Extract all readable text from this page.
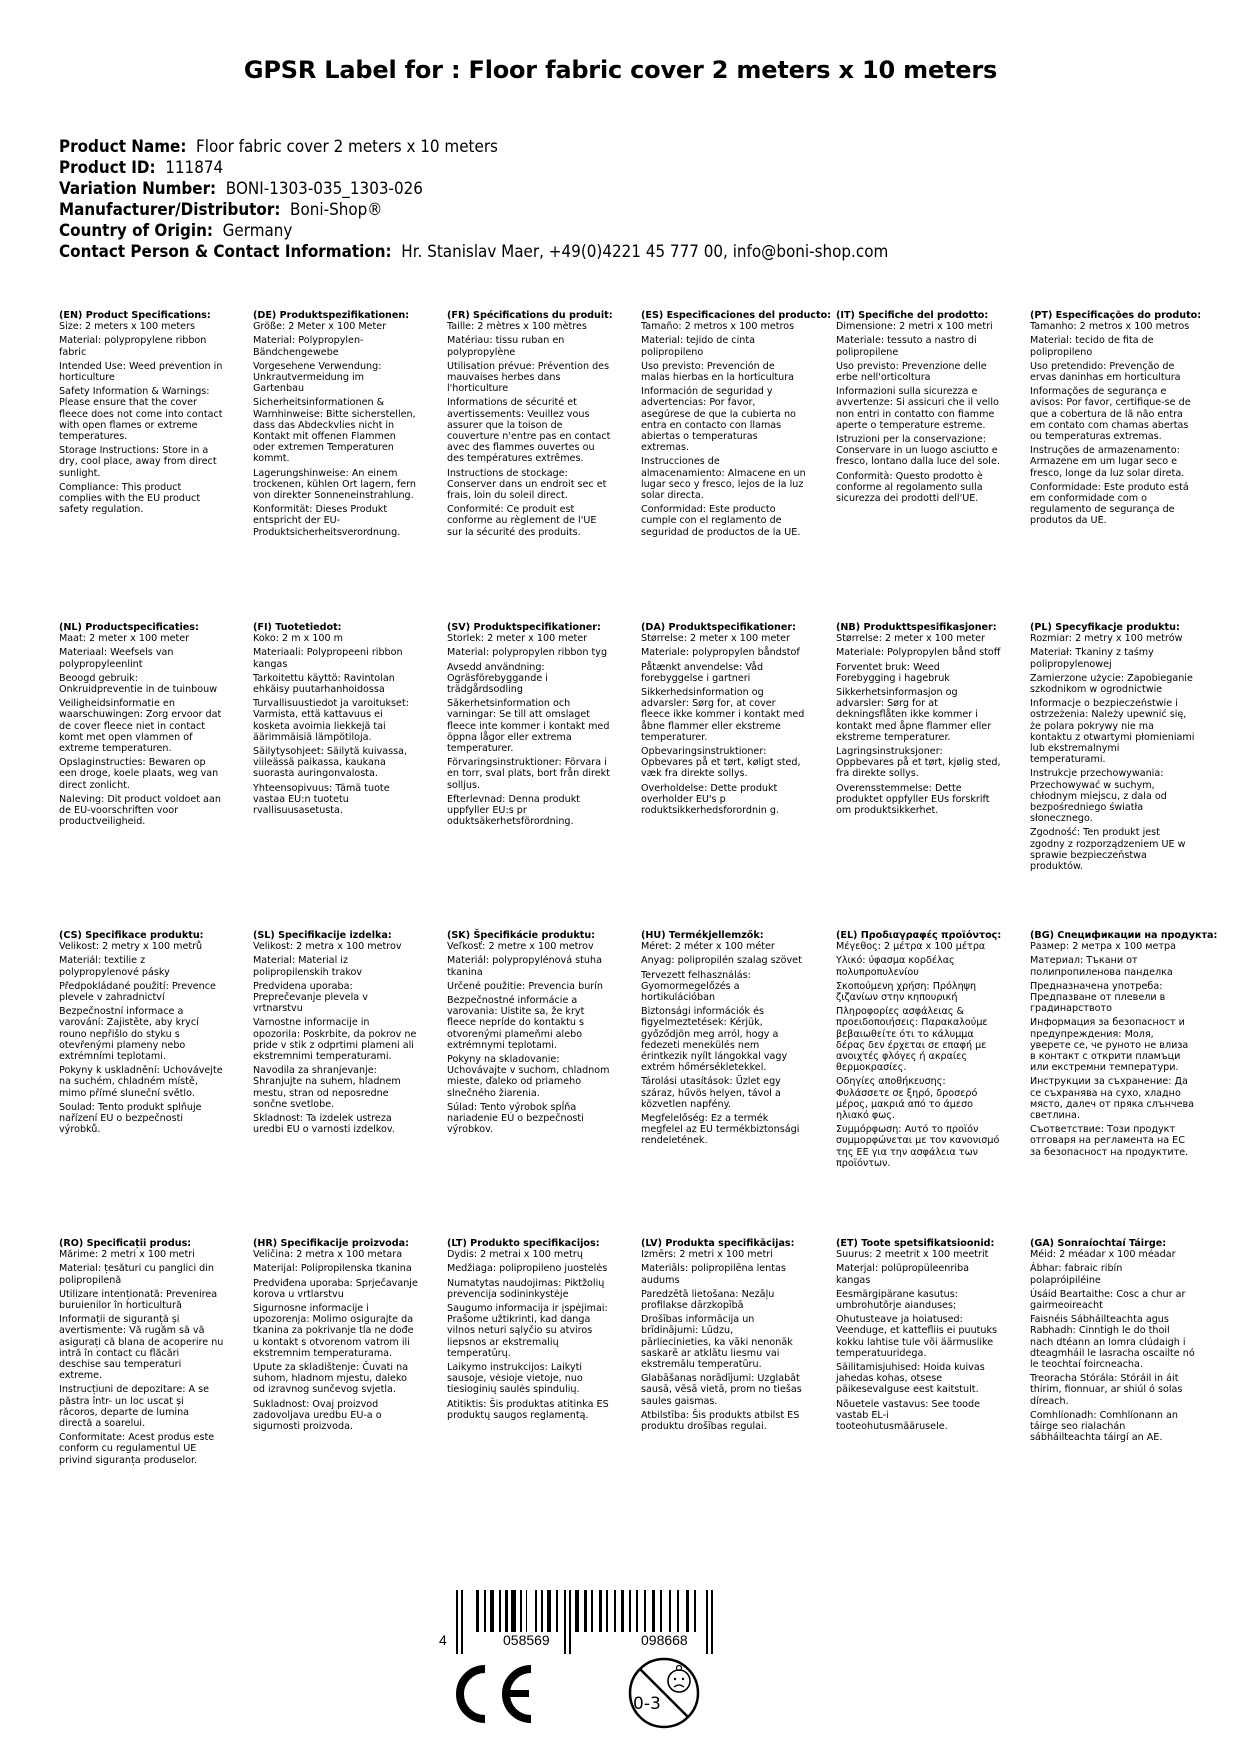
GPSR Label for : Floor fabric cover 2 meters x 10 meters
Product Name: Floor fabric cover 2 meters x 10 meters
Product ID: 111874
Variation Number: BONI-1303-035_1303-026
Manufacturer/Distributor: Boni-Shop®
Country of Origin: Germany
Contact Person & Contact Information: Hr. Stanislav Maer, +49(0)4221 45 777 00, info@boni-shop.com
(EN) Product Specifications:
Size: 2 meters x 100 meters
Material: polypropylene ribbon fabric
Intended Use: Weed prevention in horticulture
Safety Information & Warnings: Please ensure that the cover fleece does not come into contact with open flames or extreme temperatures.
Storage Instructions: Store in a dry, cool place, away from direct sunlight.
Compliance: This product complies with the EU product safety regulation.
(DE) Produktspezifikationen:
Größe: 2 Meter x 100 Meter
Material: Polypropylen-Bändchengewebe
Vorgesehene Verwendung: Unkrautvermeidung im Gartenbau
Sicherheitsinformationen & Warnhinweise: Bitte sicherstellen, dass das Abdeckvlies nicht in Kontakt mit offenen Flammen oder extremen Temperaturen kommt.
Lagerungshinweise: An einem trockenen, kühlen Ort lagern, fern von direkter Sonneneinstrahlung.
Konformität: Dieses Produkt entspricht der EU-Produktsicherheitsverordnung.
(FR) Spécifications du produit:
Taille: 2 mètres x 100 mètres
Matériau: tissu ruban en polypropylène
Utilisation prévue: Prévention des mauvaises herbes dans l'horticulture
Informations de sécurité et avertissements: Veuillez vous assurer que la toison de couverture n'entre pas en contact avec des flammes ouvertes ou des températures extrêmes.
Instructions de stockage: Conserver dans un endroit sec et frais, loin du soleil direct.
Conformité: Ce produit est conforme au règlement de l'UE sur la sécurité des produits.
(ES) Especificaciones del producto:
Tamaño: 2 metros x 100 metros
Material: tejido de cinta polipropileno
Uso previsto: Prevención de malas hierbas en la horticultura
Información de seguridad y advertencias: Por favor, asegúrese de que la cubierta no entra en contacto con llamas abiertas o temperaturas extremas.
Instrucciones de almacenamiento: Almacene en un lugar seco y fresco, lejos de la luz solar directa.
Conformidad: Este producto cumple con el reglamento de seguridad de productos de la UE.
(IT) Specifiche del prodotto:
Dimensione: 2 metri x 100 metri
Materiale: tessuto a nastro di polipropilene
Uso previsto: Prevenzione delle erbe nell'orticoltura
Informazioni sulla sicurezza e avvertenze: Si assicuri che il vello non entri in contatto con fiamme aperte o temperature estreme.
Istruzioni per la conservazione: Conservare in un luogo asciutto e fresco, lontano dalla luce del sole.
Conformità: Questo prodotto è conforme al regolamento sulla sicurezza dei prodotti dell'UE.
(PT) Especificações do produto:
Tamanho: 2 metros x 100 metros
Material: tecido de fita de polipropileno
Uso pretendido: Prevenção de ervas daninhas em horticultura
Informações de segurança e avisos: Por favor, certifique-se de que a cobertura de lã não entra em contato com chamas abertas ou temperaturas extremas.
Instruções de armazenamento: Armazene em um lugar seco e fresco, longe da luz solar direta.
Conformidade: Este produto está em conformidade com o regulamento de segurança de produtos da UE.
(NL) Productspecificaties:
Maat: 2 meter x 100 meter
Materiaal: Weefsels van polypropyleenlint
Beoogd gebruik: Onkruidpreventie in de tuinbouw
Veiligheidsinformatie en waarschuwingen: Zorg ervoor dat de cover fleece niet in contact komt met open vlammen of extreme temperaturen.
Opslaginstructies: Bewaren op een droge, koele plaats, weg van direct zonlicht.
Naleving: Dit product voldoet aan de EU-voorschriften voor productveiligheid.
(FI) Tuotetiedot:
Koko: 2 m x 100 m
Materiaali: Polypropeeni ribbon kangas
Tarkoitettu käyttö: Ravintolan ehkäisy puutarhanhoidossa
Turvallisuustiedot ja varoitukset: Varmista, että kattavuus ei kosketa avoimia liekkejä tai äärimmäisiä lämpötiloja.
Säilytysohjeet: Säilytä kuivassa, viileässä paikassa, kaukana suorasta auringonvalosta.
Yhteensopivuus: Tämä tuote vastaa EU:n tuotetu rvallisuusasetusta.
(SV) Produktspecifikationer:
Storlek: 2 meter x 100 meter
Material: polypropylen ribbon tyg
Avsedd användning: Ogräsförebyggande i trädgårdsodling
Säkerhetsinformation och varningar: Se till att omslaget fleece inte kommer i kontakt med öppna lågor eller extrema temperaturer.
Förvaringsinstruktioner: Förvara i en torr, sval plats, bort från direkt solljus.
Efterlevnad: Denna produkt uppfyller EU:s pr oduktsäkerhetsförordning.
(DA) Produktspecifikationer:
Størrelse: 2 meter x 100 meter
Materiale: polypropylen båndstof
Påtænkt anvendelse: Våd forebyggelse i gartneri
Sikkerhedsinformation og advarsler: Sørg for, at cover fleece ikke kommer i kontakt med åbne flammer eller ekstreme temperaturer.
Opbevaringsinstruktioner: Opbevares på et tørt, køligt sted, væk fra direkte sollys.
Overholdelse: Dette produkt overholder EU's p roduktsikkerhedsforordnin g.
(NB) Produkttspesifikasjoner:
Størrelse: 2 meter x 100 meter
Materiale: Polypropylen bånd stoff
Forventet bruk: Weed Forebygging i hagebruk
Sikkerhetsinformasjon og advarsler: Sørg for at dekningsflåten ikke kommer i kontakt med åpne flammer eller ekstreme temperaturer.
Lagringsinstruksjoner: Oppbevares på et tørt, kjølig sted, fra direkte sollys.
Overensstemmelse: Dette produktet oppfyller EUs forskrift om produktsikkerhet.
(PL) Specyfikacje produktu:
Rozmiar: 2 metry x 100 metrów
Materiał: Tkaniny z taśmy polipropylenowej
Zamierzone użycie: Zapobieganie szkodnikom w ogrodnictwie
Informacje o bezpieczeństwie i ostrzeżenia: Należy upewnić się, że polara pokrywy nie ma kontaktu z otwartymi płomieniami lub ekstremalnymi temperaturami.
Instrukcje przechowywania: Przechowywać w suchym, chłodnym miejscu, z dala od bezpośredniego światła słonecznego.
Zgodność: Ten produkt jest zgodny z rozporządzeniem UE w sprawie bezpieczeństwa produktów.
(CS) Specifikace produktu:
Velikost: 2 metry x 100 metrů
Materiál: textilie z polypropylenové pásky
Předpokládané použití: Prevence plevele v zahradnictví
Bezpečnostní informace a varování: Zajistěte, aby krycí rouno nepřišlo do styku s otevřenými plameny nebo extrémními teplotami.
Pokyny k uskladnění: Uchovávejte na suchém, chladném místě, mimo přímé sluneční světlo.
Soulad: Tento produkt splňuje nařízení EU o bezpečnosti výrobků.
(SL) Specifikacije izdelka:
Velikost: 2 metra x 100 metrov
Material: Material iz polipropilenskih trakov
Predvidena uporaba: Preprečevanje plevela v vrtnarstvu
Varnostne informacije in opozorila: Poskrbite, da pokrov ne pride v stik z odprtimi plameni ali ekstremnimi temperaturami.
Navodila za shranjevanje: Shranjujte na suhem, hladnem mestu, stran od neposredne sončne svetlobe.
Skladnost: Ta izdelek ustreza uredbi EU o varnosti izdelkov.
(SK) Špecifikácie produktu:
Veľkosť: 2 metre x 100 metrov
Materiál: polypropylénová stuha tkanina
Určené použitie: Prevencia burín
Bezpečnostné informácie a varovania: Uistite sa, že kryt fleece nepríde do kontaktu s otvorenými plameňmi alebo extrémnymi teplotami.
Pokyny na skladovanie: Uchovávajte v suchom, chladnom mieste, ďaleko od priameho slnečného žiarenia.
Súlad: Tento výrobok spĺňa nariadenie EÚ o bezpečnosti výrobkov.
(HU) Termékjellemzők:
Méret: 2 méter x 100 méter
Anyag: polipropilén szalag szövet
Tervezett felhasználás: Gyomormegelőzés a hortikulációban
Biztonsági információk és figyelmeztetések: Kérjük, győződjön meg arról, hogy a fedezeti menekülés nem érintkezik nyílt lángokkal vagy extrém hőmérsékletekkel.
Tárolási utasítások: Üzlet egy száraz, hűvös helyen, távol a közvetlen napfény.
Megfelelőség: Ez a termék megfelel az EU termékbiztonsági rendeletének.
(EL) Προδιαγραφές προϊόντος:
Μέγεθος: 2 μέτρα x 100 μέτρα
Υλικό: ύφασμα κορδέλας πολυπροπυλενίου
Σκοπούμενη χρήση: Πρόληψη ζιζανίων στην κηπουρική
Πληροφορίες ασφάλειας & προειδοποιήσεις: Παρακαλούμε βεβαιωθείτε ότι το κάλυμμα δέρας δεν έρχεται σε επαφή με ανοιχτές φλόγες ή ακραίες θερμοκρασίες.
Οδηγίες αποθήκευσης: Φυλάσσετε σε ξηρό, δροσερό μέρος, μακριά από το άμεσο ηλιακό φως.
Συμμόρφωση: Αυτό το προϊόν συμμορφώνεται με τον κανονισμό της ΕΕ για την ασφάλεια των προϊόντων.
(BG) Спецификации на продукта:
Размер: 2 метра x 100 метра
Материал: Тъкани от полипропиленова панделка
Предназначена употреба: Предпазване от плевели в градинарството
Информация за безопасност и предупреждения: Моля, уверете се, че руното не влиза в контакт с открити пламъци или екстремни температури.
Инструкции за съхранение: Да се съхранява на сухо, хладно място, далеч от пряка слънчева светлина.
Съответствие: Този продукт отговаря на регламента на ЕС за безопасност на продуктите.
(RO) Specificații produs:
Mărime: 2 metri x 100 metri
Material: țesături cu panglici din polipropilenă
Utilizare intenționată: Prevenirea buruienilor în horticultură
Informații de siguranță și avertismente: Vă rugăm să vă asigurați că blana de acoperire nu intră în contact cu flăcări deschise sau temperaturi extreme.
Instrucțiuni de depozitare: A se păstra într- un loc uscat și răcoros, departe de lumina directă a soarelui.
Conformitate: Acest produs este conform cu regulamentul UE privind siguranța produselor.
(HR) Specifikacije proizvoda:
Veličina: 2 metra x 100 metara
Materijal: Polipropilenska tkanina
Predviđena uporaba: Sprječavanje korova u vrtlarstvu
Sigurnosne informacije i upozorenja: Molimo osigurajte da tkanina za pokrivanje tla ne dođe u kontakt s otvorenom vatrom ili ekstremnim temperaturama.
Upute za skladištenje: Čuvati na suhom, hladnom mjestu, daleko od izravnog sunčevog svjetla.
Sukladnost: Ovaj proizvod zadovoljava uredbu EU-a o sigurnosti proizvoda.
(LT) Produkto specifikacijos:
Dydis: 2 metrai x 100 metrų
Medžiaga: polipropileno juostelės
Numatytas naudojimas: Piktžolių prevencija sodininkystėje
Saugumo informacija ir įspėjimai: Prašome užtikrinti, kad danga vilnos neturi sąlyčio su atviros liepsnos ar ekstremalių temperatūrų.
Laikymo instrukcijos: Laikyti sausoje, vėsioje vietoje, nuo tiesioginių saulės spindulių.
Atitiktis: Šis produktas atitinka ES produktų saugos reglamentą.
(LV) Produkta specifikācijas:
Izmērs: 2 metri x 100 metri
Materiāls: polipropilēna lentas audums
Paredzētā lietošana: Nezāļu profilakse dārzkopībā
Drošības informācija un brīdinājumi: Lūdzu, pārliecinieties, ka vāki nenonāk saskarē ar atklātu liesmu vai ekstremālu temperatūru.
Glabāšanas norādījumi: Uzglabāt sausā, vēsā vietā, prom no tiešas saules gaismas.
Atbilstība: Šis produkts atbilst ES produktu drošības regulai.
(ET) Toote spetsifikatsioonid:
Suurus: 2 meetrit x 100 meetrit
Materjal: polüpropüleenriba kangas
Eesmärgipärane kasutus: umbrohutõrje aianduses;
Ohutusteave ja hoiatused: Veenduge, et kattefliis ei puutuks kokku lahtise tule või äärmuslike temperatuuridega.
Säilitamisjuhised: Hoida kuivas jahedas kohas, otsese päikesevalguse eest kaitstult.
Nõuetele vastavus: See toode vastab EL-i tooteohutusmäärusele.
(GA) Sonraíochtaí Táirge:
Méid: 2 méadar x 100 méadar
Ábhar: fabraic ribín polapróipiléine
Úsáid Beartaithe: Cosc a chur ar gairmeoireacht
Faisnéis Sábháilteachta agus Rabhadh: Cinntigh le do thoil nach dtéann an lomra clúdaigh i dteagmháil le lasracha oscailte nó le teochtaí foircneacha.
Treoracha Stórála: Stóráil in áit thirim, fionnuar, ar shiúl ó solas díreach.
Comhlíonadh: Comhlíonann an táirge seo rialachán sábháilteachta táirgí an AE.
4	058569	098668
0-3
